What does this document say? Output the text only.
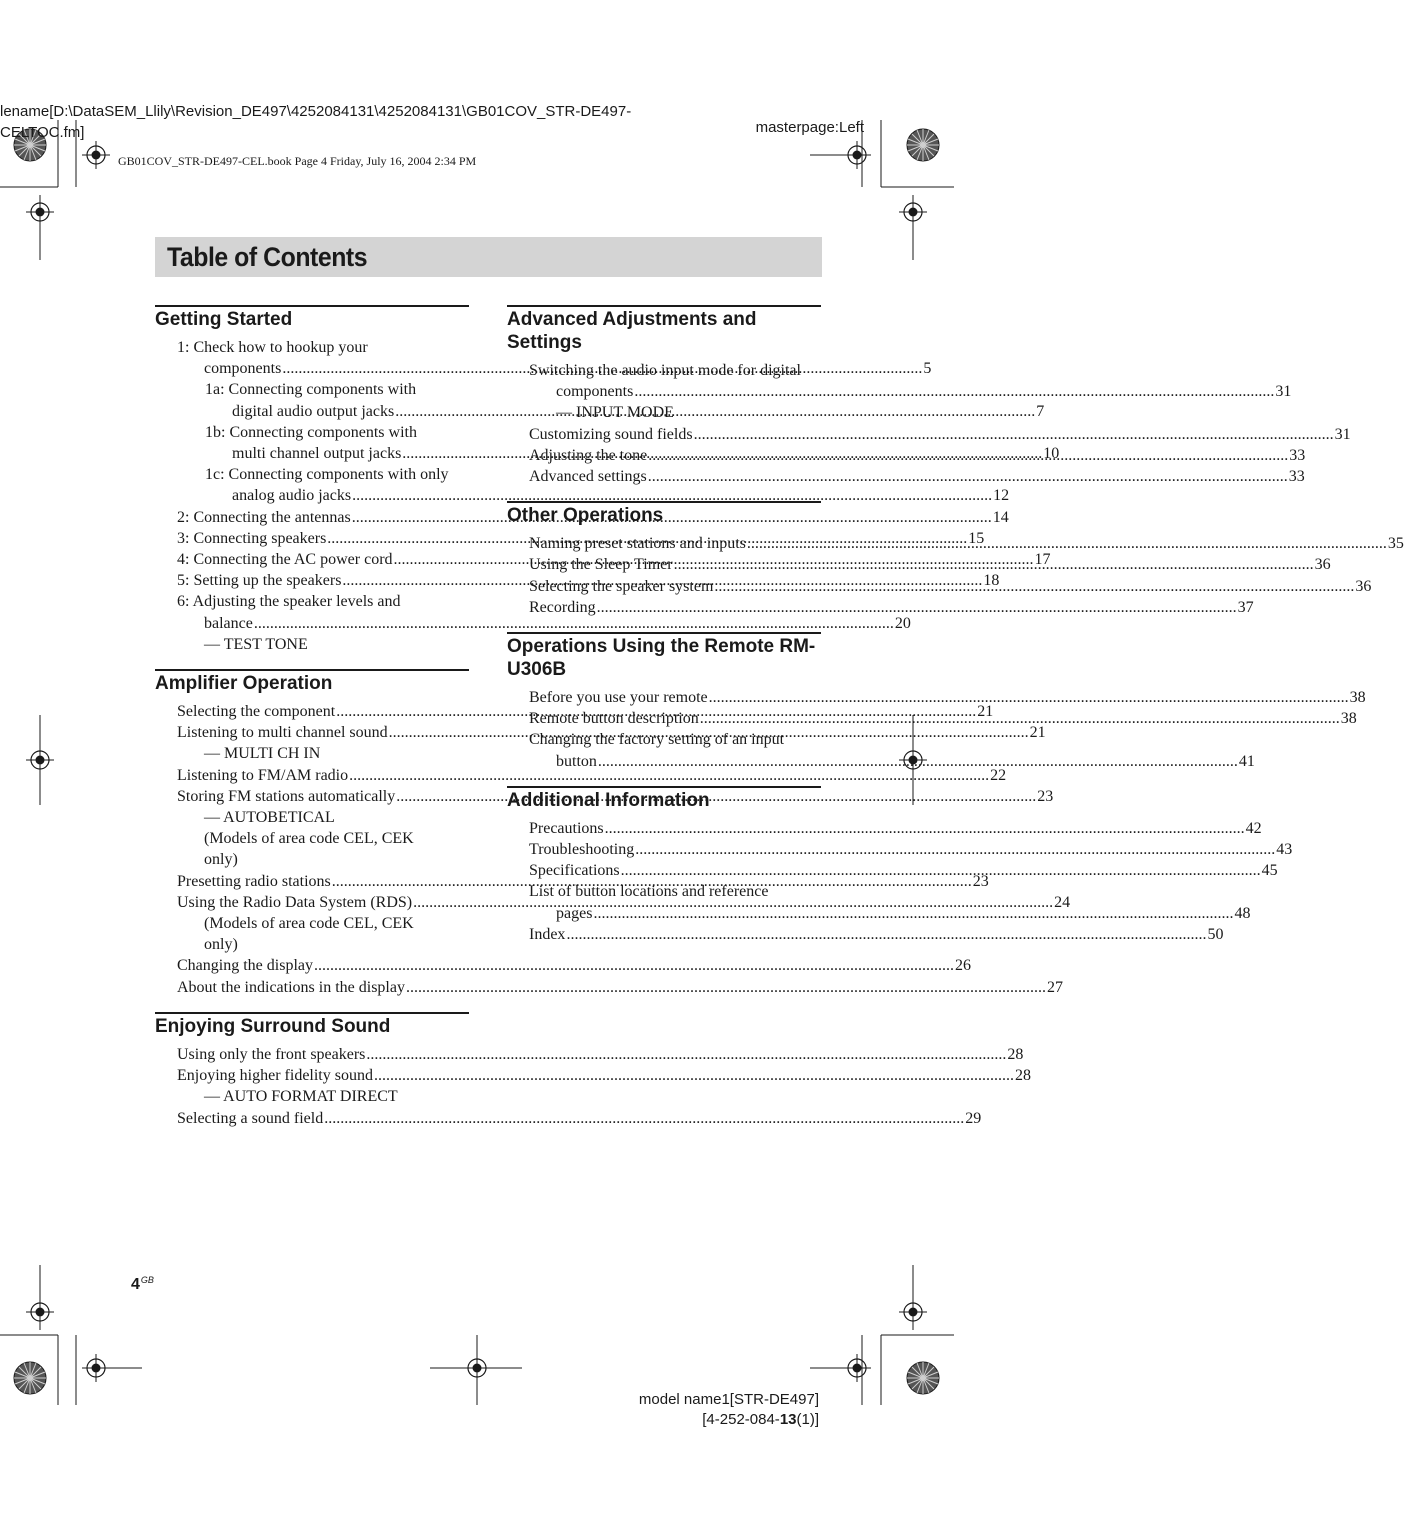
lename[D:\DataSEM_Llily\Revision_DE497\4252084131\4252084131\GB01COV_STR-DE497-
CELTOC.fm]	masterpage:Left
GB01COV_STR-DE497-CEL.book Page 4 Friday, July 16, 2004 2:34 PM
Table of Contents
Getting Started
1: Check how to hookup your
components .....	5
1a: Connecting components with
digital audio output jacks .....	7
1b: Connecting components with
multi channel output jacks .....	10
1c: Connecting components with only
analog audio jacks .....	12
2: Connecting the antennas .....	14
3: Connecting speakers .....	15
4: Connecting the AC power cord .....	17
5: Setting up the speakers .....	18
6: Adjusting the speaker levels and
balance .....	20
— TEST TONE
Amplifier Operation
Selecting the component .....	21
Listening to multi channel sound .....	21
— MULTI CH IN
Listening to FM/AM radio .....	22
Storing FM stations automatically .....	23
— AUTOBETICAL
(Models of area code CEL, CEK
only)
Presetting radio stations .....	23
Using the Radio Data System (RDS) .....	24
(Models of area code CEL, CEK
only)
Changing the display .....	26
About the indications in the display .....	27
Enjoying Surround Sound
Using only the front speakers .....	28
Enjoying higher fidelity sound .....	28
— AUTO FORMAT DIRECT
Selecting a sound field .....	29
Advanced Adjustments and Settings
Switching the audio input mode for digital
components .....	31
— INPUT MODE
Customizing sound fields .....	31
Adjusting the tone .....	33
Advanced settings .....	33
Other Operations
Naming preset stations and inputs .....	35
Using the Sleep Timer .....	36
Selecting the speaker system .....	36
Recording .....	37
Operations Using the Remote RM-U306B
Before you use your remote .....	38
Remote button description .....	38
Changing the factory setting of an input
button .....	41
Additional Information
Precautions .....	42
Troubleshooting .....	43
Specifications .....	45
List of button locations and reference
pages .....	48
Index .....	50
$4^{GB}$
model name1[STR-DE497]
[4-252-084-13(1)]
